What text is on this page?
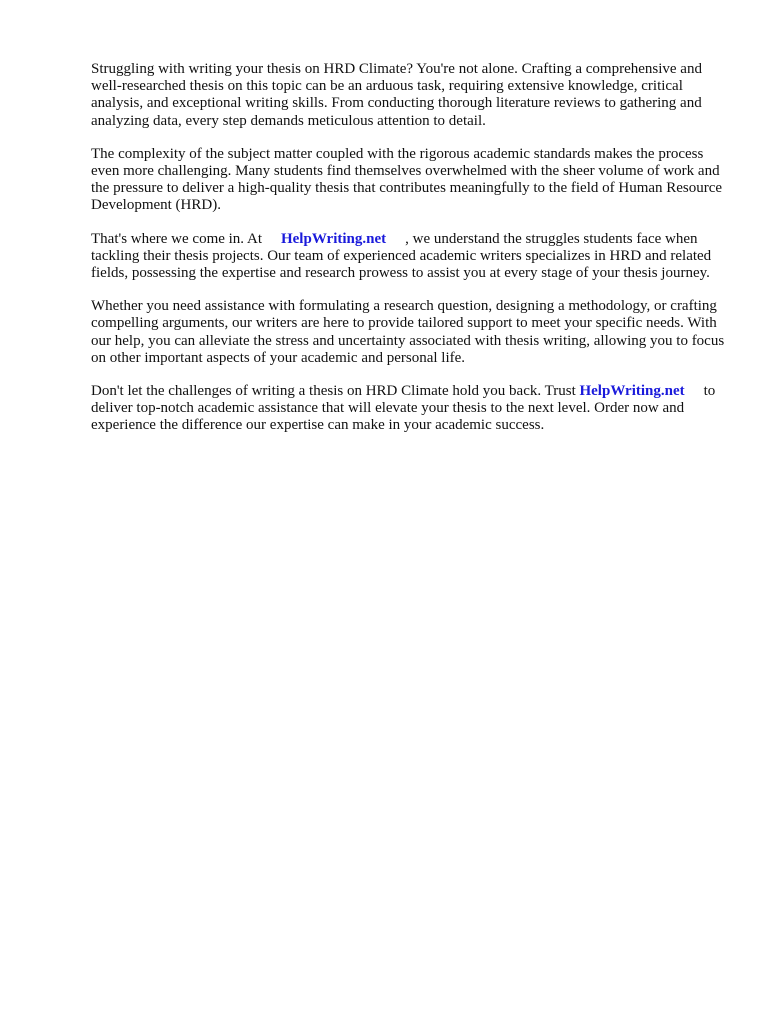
Struggling with writing your thesis on HRD Climate? You're not alone. Crafting a comprehensive and well-researched thesis on this topic can be an arduous task, requiring extensive knowledge, critical analysis, and exceptional writing skills. From conducting thorough literature reviews to gathering and analyzing data, every step demands meticulous attention to detail.

The complexity of the subject matter coupled with the rigorous academic standards makes the process even more challenging. Many students find themselves overwhelmed with the sheer volume of work and the pressure to deliver a high-quality thesis that contributes meaningfully to the field of Human Resource Development (HRD).

That's where we come in. At HelpWriting.net , we understand the struggles students face when tackling their thesis projects. Our team of experienced academic writers specializes in HRD and related fields, possessing the expertise and research prowess to assist you at every stage of your thesis journey.

Whether you need assistance with formulating a research question, designing a methodology, or crafting compelling arguments, our writers are here to provide tailored support to meet your specific needs. With our help, you can alleviate the stress and uncertainty associated with thesis writing, allowing you to focus on other important aspects of your academic and personal life.

Don't let the challenges of writing a thesis on HRD Climate hold you back. Trust HelpWriting.net to deliver top-notch academic assistance that will elevate your thesis to the next level. Order now and experience the difference our expertise can make in your academic success.
